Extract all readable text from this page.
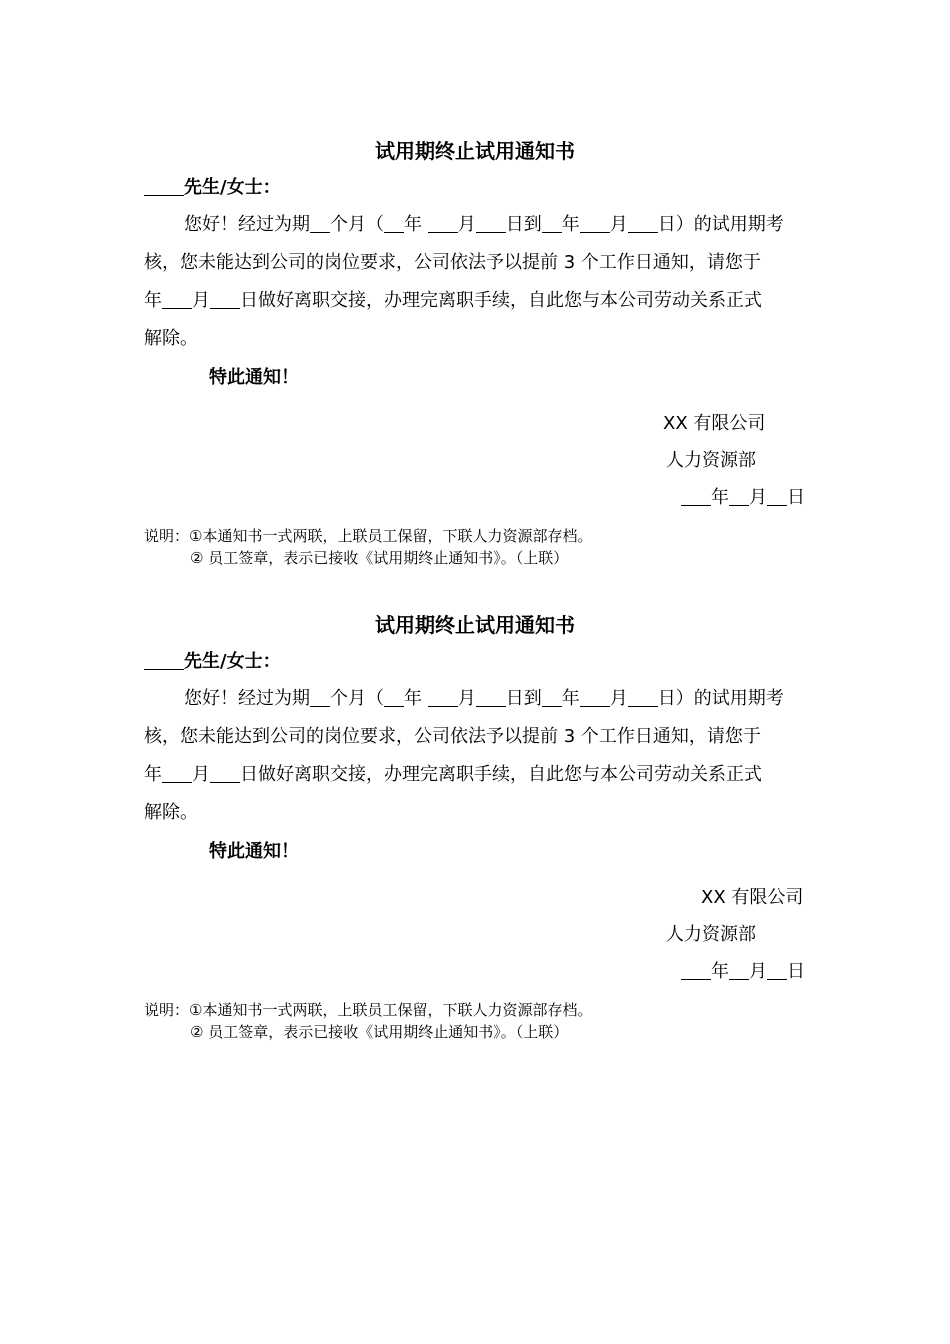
试用期终止试用通知书
先生/女士：
您好！经过为期 个月（ 年 月 日到 年 月 日）的试用期考
核，您未能达到公司的岗位要求，公司依法予以提前 3 个工作日通知，请您于
年 月 日做好离职交接，办理完离职手续，自此您与本公司劳动关系正式
解除。
特此通知！
XX 有限公司
人力资源部
年 月 日
说明：①本通知书一式两联，上联员工保留，下联人力资源部存档。
② 员工签章，表示已接收《试用期终止通知书》。（上联）
试用期终止试用通知书
先生/女士：
您好！经过为期 个月（ 年 月 日到 年 月 日）的试用期考
核，您未能达到公司的岗位要求，公司依法予以提前 3 个工作日通知，请您于
年 月 日做好离职交接，办理完离职手续，自此您与本公司劳动关系正式
解除。
特此通知！
XX 有限公司
人力资源部
年 月 日
说明：①本通知书一式两联，上联员工保留，下联人力资源部存档。
② 员工签章，表示已接收《试用期终止通知书》。（上联）
